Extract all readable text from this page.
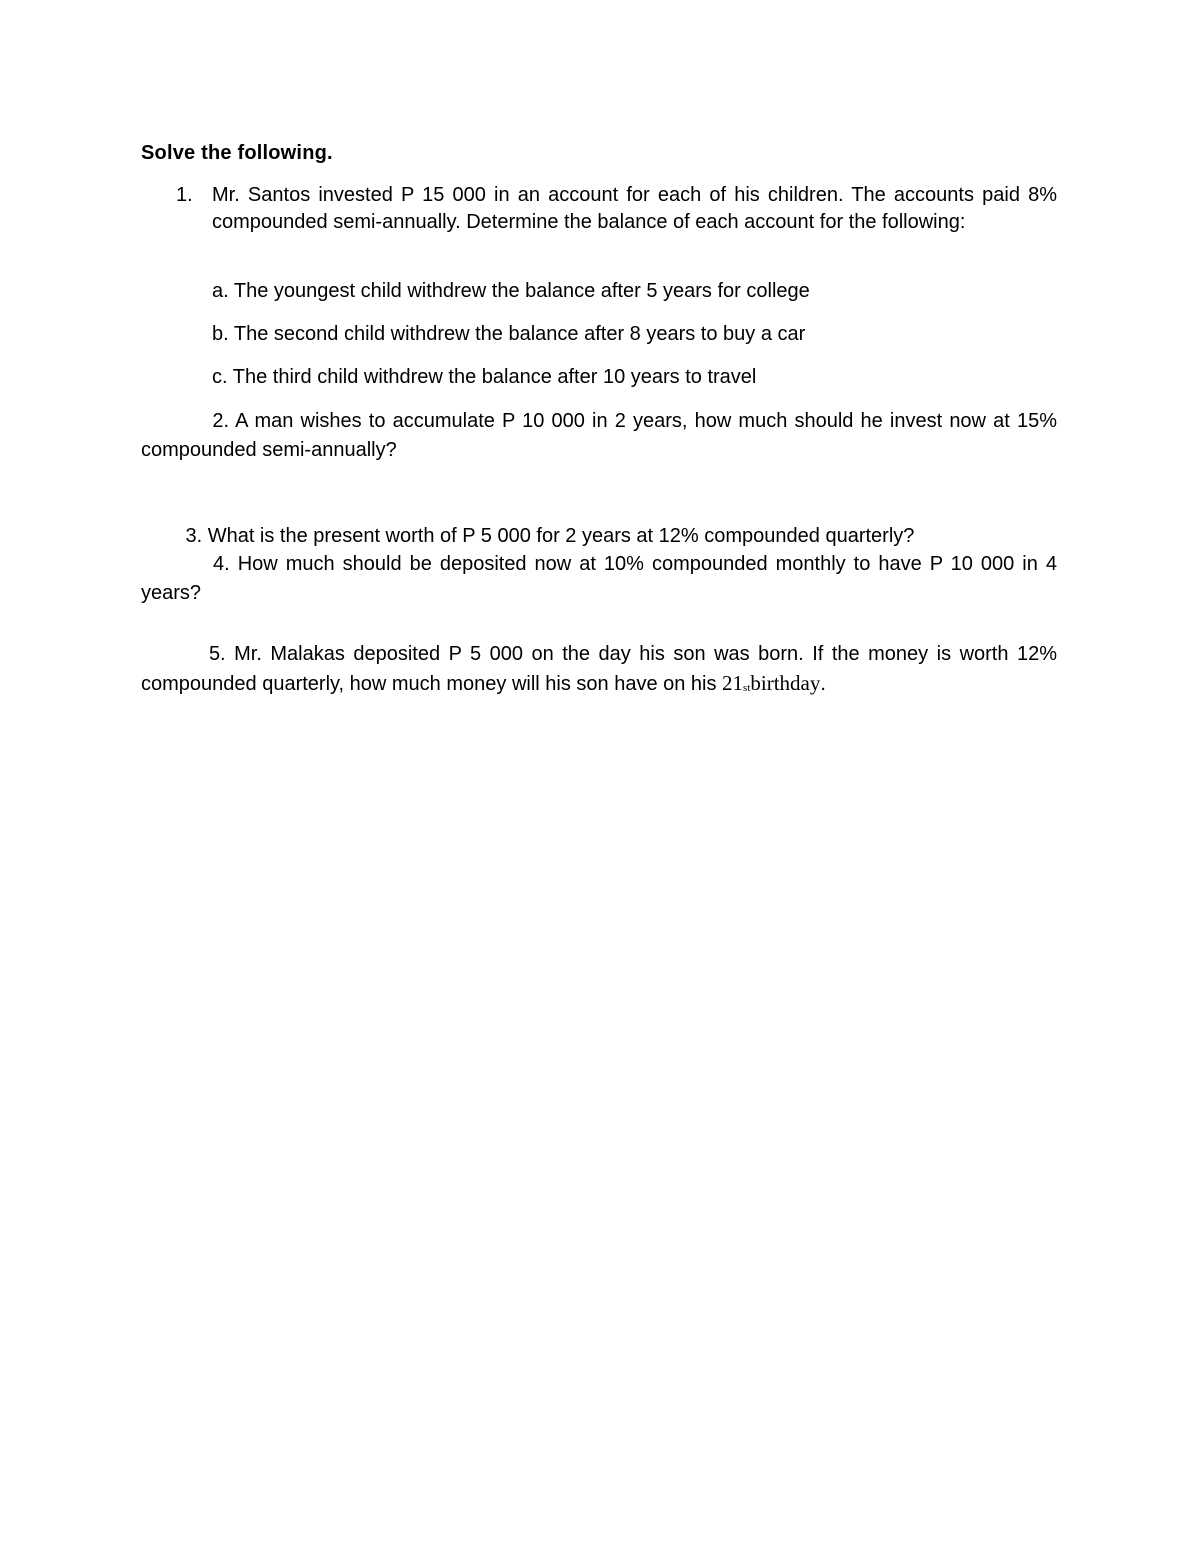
Solve the following.
1. Mr. Santos invested P 15 000 in an account for each of his children. The accounts paid 8% compounded semi-annually. Determine the balance of each account for the following:
a. The youngest child withdrew the balance after 5 years for college
b. The second child withdrew the balance after 8 years to buy a car
c. The third child withdrew the balance after 10 years to travel
2. A man wishes to accumulate P 10 000 in 2 years, how much should he invest now at 15% compounded semi-annually?
3. What is the present worth of P 5 000 for 2 years at 12% compounded quarterly?
4. How much should be deposited now at 10% compounded monthly to have P 10 000 in 4 years?
5. Mr. Malakas deposited P 5 000 on the day his son was born. If the money is worth 12% compounded quarterly, how much money will his son have on his $21_{st}birthday$.
